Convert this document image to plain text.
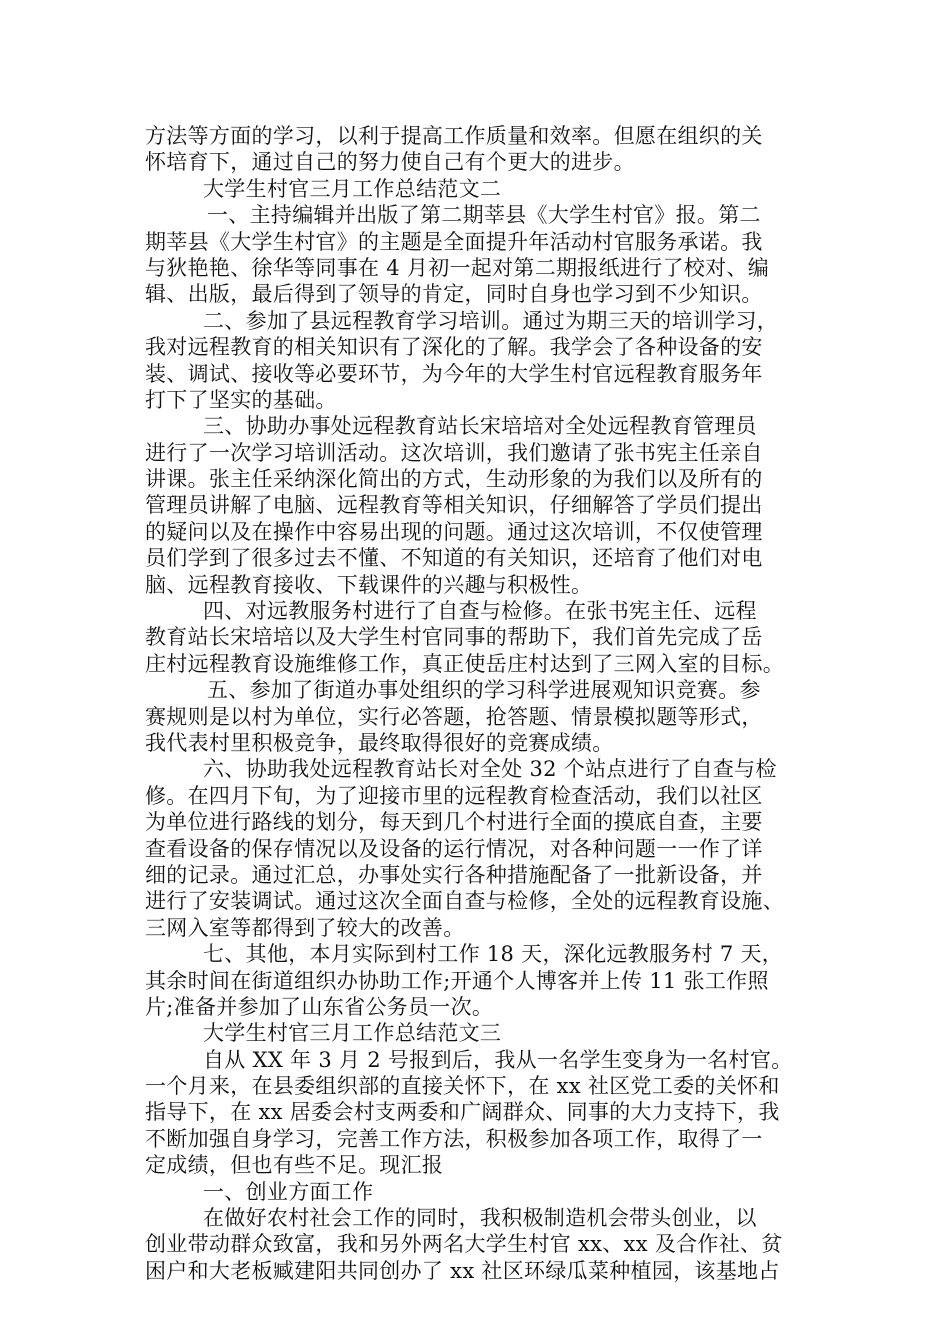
方法等方面的学习，以利于提高工作质量和效率。但愿在组织的关
怀培育下，通过自己的努力使自己有个更大的进步。
大学生村官三月工作总结范文二
一、主持编辑并出版了第二期莘县《大学生村官》报。第二
期莘县《大学生村官》的主题是全面提升年活动村官服务承诺。我
与狄艳艳、徐华等同事在 4 月初一起对第二期报纸进行了校对、编
辑、出版，最后得到了领导的肯定，同时自身也学习到不少知识。
二、参加了县远程教育学习培训。通过为期三天的培训学习，
我对远程教育的相关知识有了深化的了解。我学会了各种设备的安
装、调试、接收等必要环节，为今年的大学生村官远程教育服务年
打下了坚实的基础。
三、协助办事处远程教育站长宋培培对全处远程教育管理员
进行了一次学习培训活动。这次培训，我们邀请了张书宪主任亲自
讲课。张主任采纳深化简出的方式，生动形象的为我们以及所有的
管理员讲解了电脑、远程教育等相关知识，仔细解答了学员们提出
的疑问以及在操作中容易出现的问题。通过这次培训，不仅使管理
员们学到了很多过去不懂、不知道的有关知识，还培育了他们对电
脑、远程教育接收、下载课件的兴趣与积极性。
四、对远教服务村进行了自查与检修。在张书宪主任、远程
教育站长宋培培以及大学生村官同事的帮助下，我们首先完成了岳
庄村远程教育设施维修工作，真正使岳庄村达到了三网入室的目标。
五、参加了街道办事处组织的学习科学进展观知识竞赛。参
赛规则是以村为单位，实行必答题，抢答题、情景模拟题等形式，
我代表村里积极竞争，最终取得很好的竞赛成绩。
六、协助我处远程教育站长对全处 32 个站点进行了自查与检
修。在四月下旬，为了迎接市里的远程教育检查活动，我们以社区
为单位进行路线的划分，每天到几个村进行全面的摸底自查，主要
查看设备的保存情况以及设备的运行情况，对各种问题一一作了详
细的记录。通过汇总，办事处实行各种措施配备了一批新设备，并
进行了安装调试。通过这次全面自查与检修，全处的远程教育设施、
三网入室等都得到了较大的改善。
七、其他，本月实际到村工作 18 天，深化远教服务村 7 天，
其余时间在街道组织办协助工作;开通个人博客并上传 11 张工作照
片;准备并参加了山东省公务员一次。
大学生村官三月工作总结范文三
自从 XX 年 3 月 2 号报到后，我从一名学生变身为一名村官。
一个月来，在县委组织部的直接关怀下，在 xx 社区党工委的关怀和
指导下，在 xx 居委会村支两委和广阔群众、同事的大力支持下，我
不断加强自身学习，完善工作方法，积极参加各项工作，取得了一
定成绩，但也有些不足。现汇报
一、创业方面工作
在做好农村社会工作的同时，我积极制造机会带头创业，以
创业带动群众致富，我和另外两名大学生村官 xx、xx 及合作社、贫
困户和大老板臧建阳共同创办了 xx 社区环绿瓜菜种植园，该基地占
